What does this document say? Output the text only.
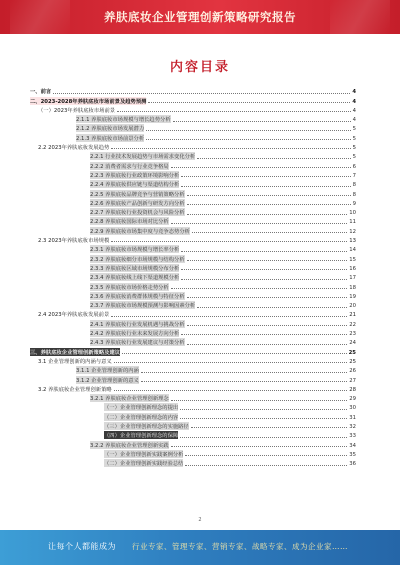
养肤底妆企业管理创新策略研究报告
内容目录
一、前言	4
二、2023-2028年养肤底妆市场前景及趋势预测	4
（一）2023年养肤底妆市场前景	4
2.1.1 养肤底妆市场规模与增长趋势分析	4
2.1.2 养肤底妆市场发展潜力	5
2.1.3 养肤底妆市场前景分析	5
2.2 2023年养肤底妆发展趋势	5
2.2.1 行业技术发展趋势与市场需求变化分析	5
2.2.2 消费者需求与行业竞争格局	6
2.2.3 养肤底妆行业政策环境影响分析	7
2.2.4 养肤底妆供应链与渠道结构分析	8
2.2.5 养肤底妆品牌竞争与营销策略分析	8
2.2.6 养肤底妆产品创新与研发方向分析	9
2.2.7 养肤底妆行业投资机会与风险分析	10
2.2.8 养肤底妆国际市场对比分析	11
2.2.9 养肤底妆市场集中度与竞争态势分析	12
2.3 2023年养肤底妆市场规模	13
2.3.1 养肤底妆市场规模与增长率分析	14
2.3.2 养肤底妆细分市场规模与结构分析	15
2.3.3 养肤底妆区域市场规模分布分析	16
2.3.4 养肤底妆线上线下渠道规模分析	17
2.3.5 养肤底妆市场价格走势分析	18
2.3.6 养肤底妆消费群体规模与特征分析	19
2.3.7 养肤底妆市场规模预测与影响因素分析	20
2.4 2023年养肤底妆发展前景	21
2.4.1 养肤底妆行业发展机遇与挑战分析	22
2.4.2 养肤底妆行业未来发展方向分析	23
2.4.3 养肤底妆行业发展建议与对策分析	24
三、养肤底妆企业管理创新策略及建议	25
3.1 企业管理创新的内涵与意义	25
3.1.1 企业管理创新的内涵	26
3.1.2 企业管理创新的意义	27
3.2 养肤底妆企业管理创新策略	28
3.2.1 养肤底妆企业管理创新理念	29
（一）企业管理创新理念的提出	30
（二）企业管理创新理念的内容	31
（三）企业管理创新理念的实施路径	32
（四）企业管理创新理念的保障	33
3.2.2 养肤底妆企业管理创新实践	34
（一）企业管理创新实践案例分析	35
（二）企业管理创新实践经验总结	36
2
让每个人都能成为 行业专家、管理专家、营销专家、战略专家、成为企业家……
